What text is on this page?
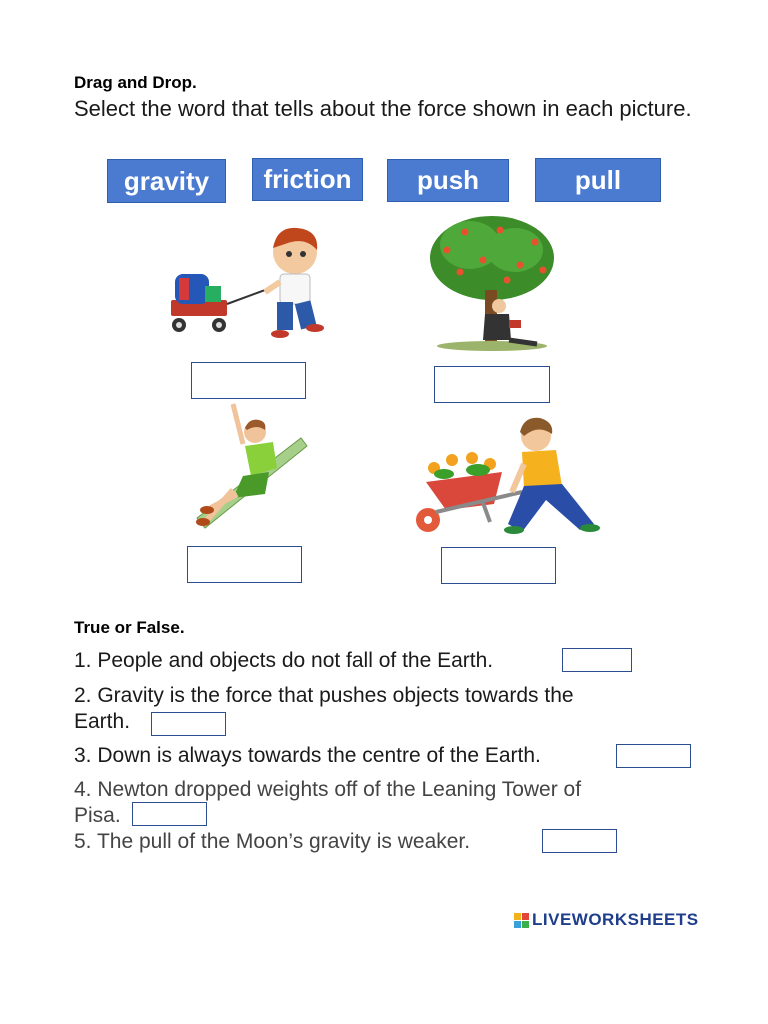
Drag and Drop.
Select the word that tells about the force shown in each picture.
gravity	friction	push	pull
True or False.
1. People and objects do not fall of the Earth.
2. Gravity is the force that pushes objects towards the
Earth.
3. Down is always towards the centre of the Earth.
4. Newton dropped weights off of the Leaning Tower of
Pisa.
5. The pull of the Moon’s gravity is weaker.
LIVEWORKSHEETS
